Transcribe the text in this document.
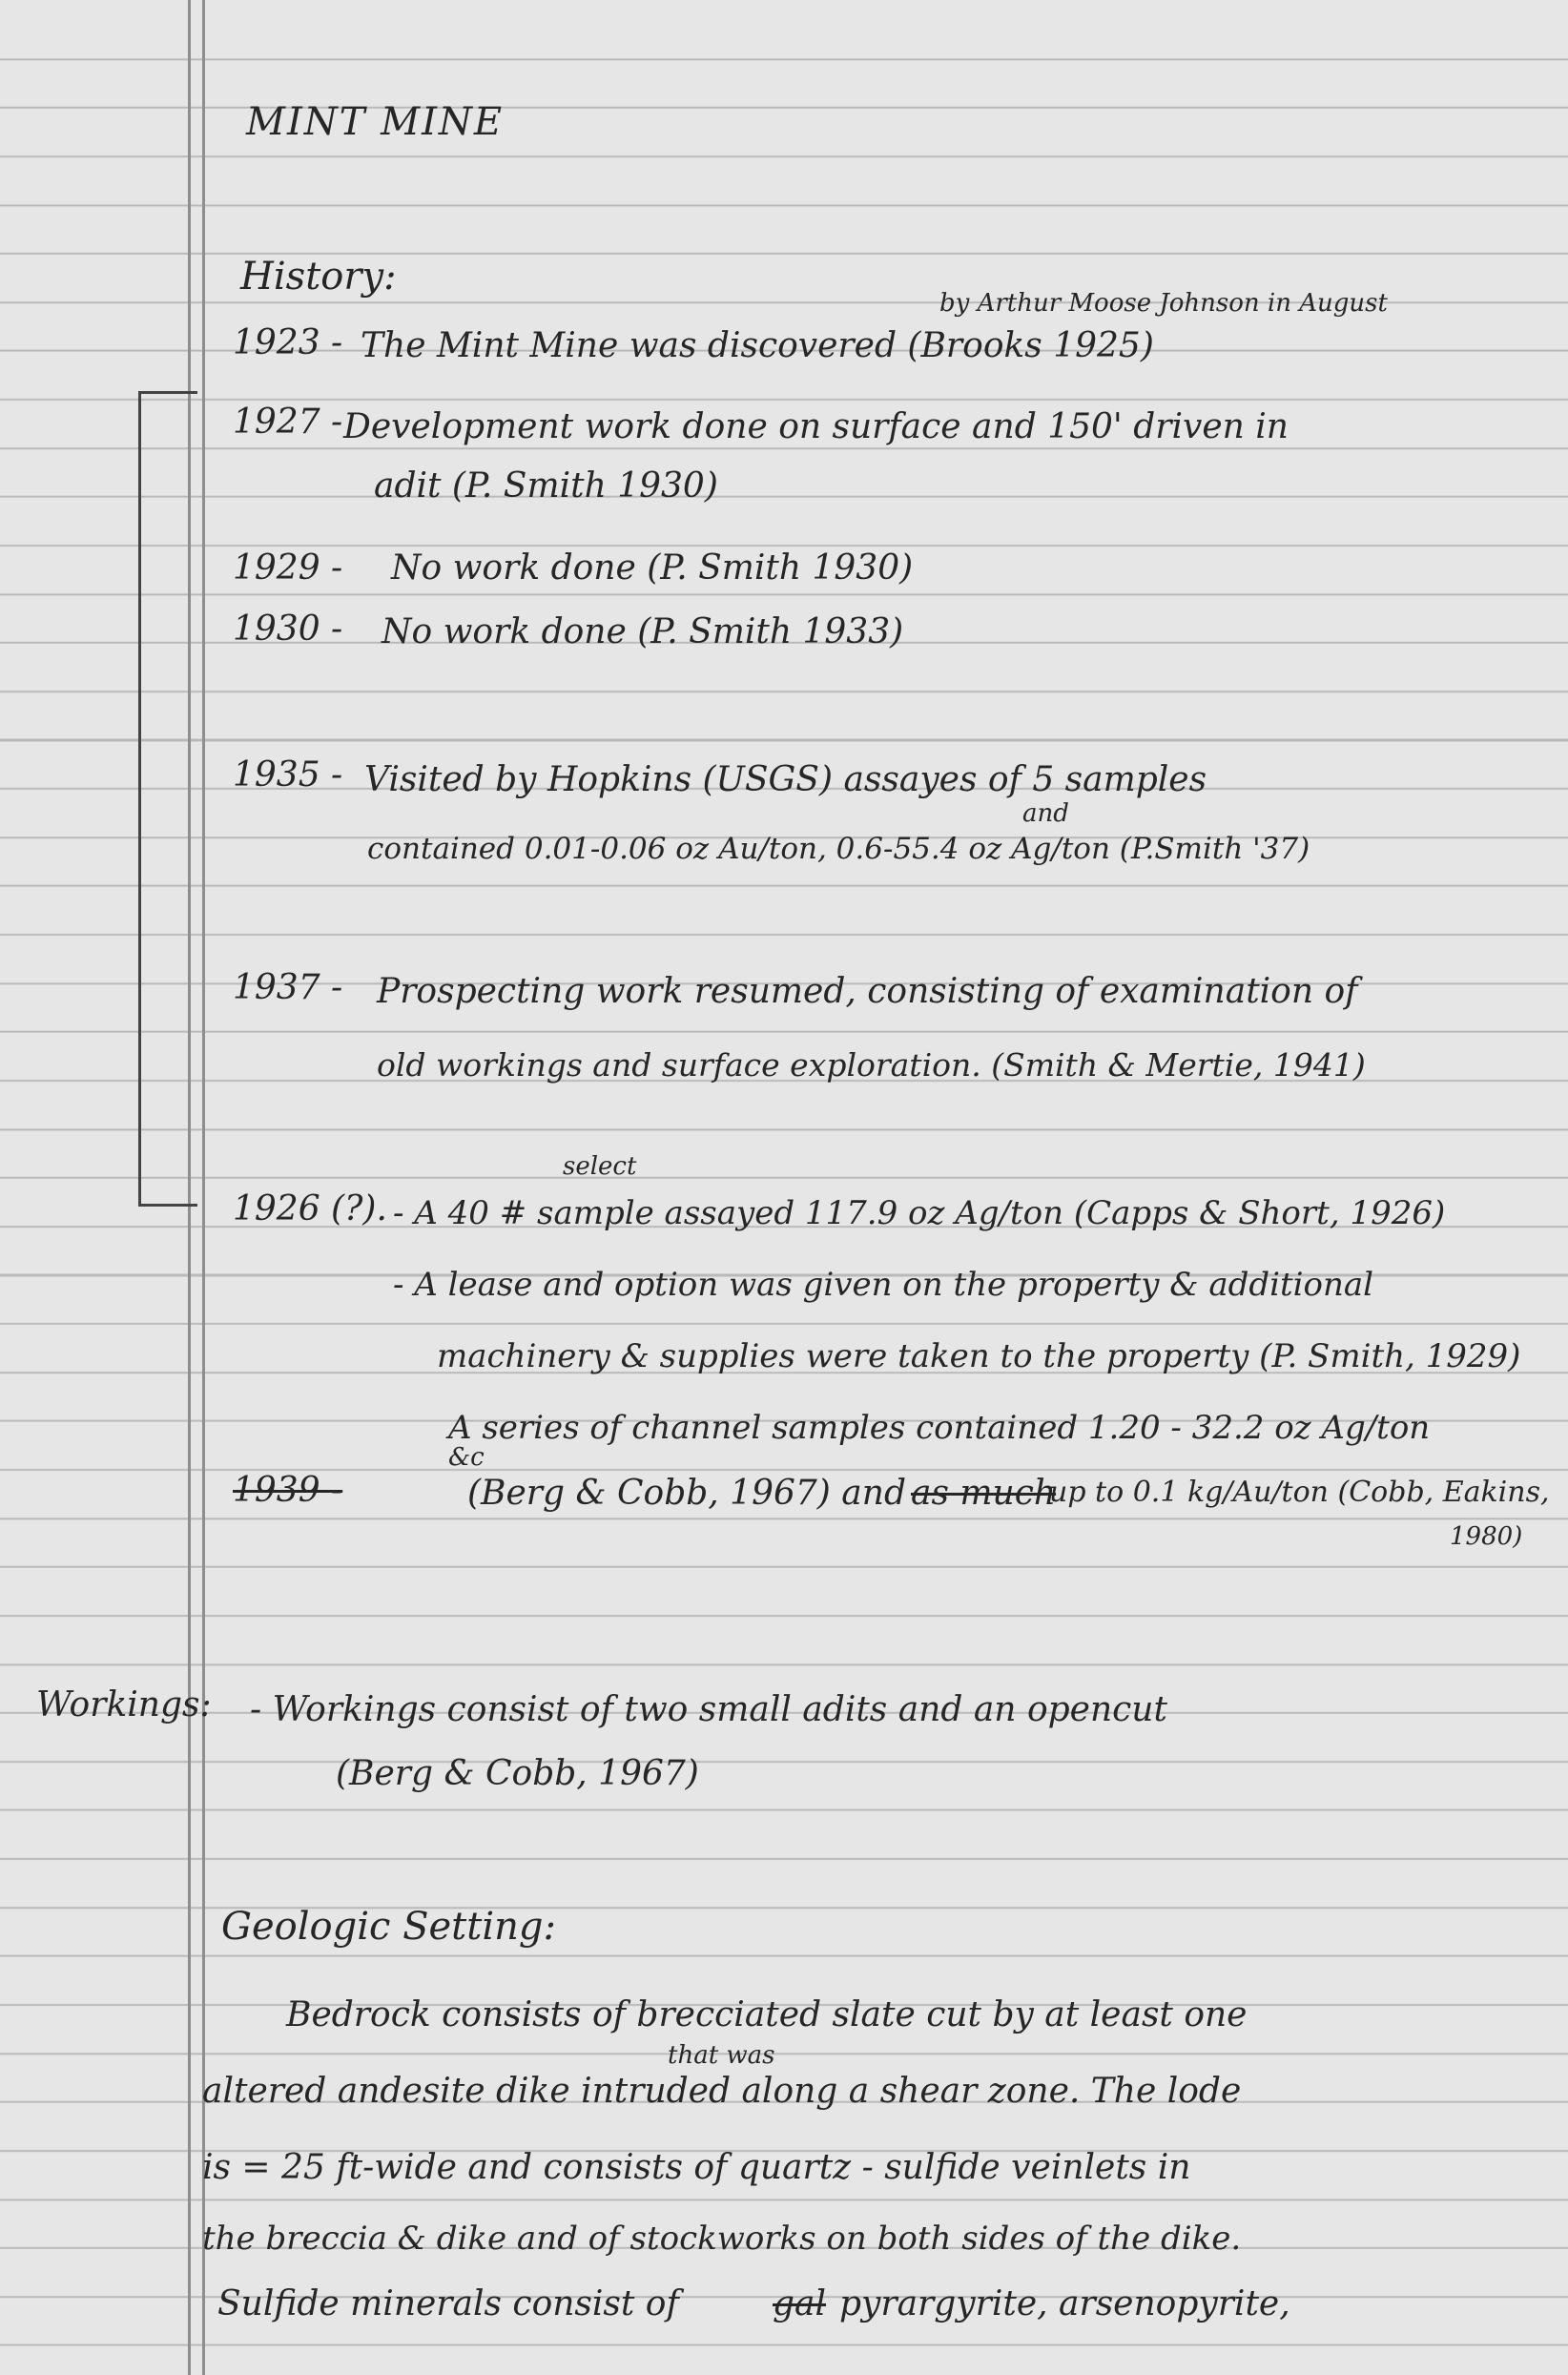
MINT MINE
History:
1923 - The Mint Mine was discovered (Brooks 1925)
by Arthur Moose Johnson in August
1927 - Development work done on surface and 150' driven in
adit (P. Smith 1930)
1929 - No work done (P. Smith 1930)
1930 - No work done (P. Smith 1933)
1935 - Visited by Hopkins (USGS) assayes of 5 samples
and
contained 0.01-0.06 oz Au/ton, 0.6-55.4 oz Ag/ton (P.Smith '37)
1937 - Prospecting work resumed, consisting of examination of
old workings and surface exploration. (Smith & Mertie, 1941)
1926 (?).
select
- A 40 # sample assayed 117.9 oz Ag/ton (Capps & Short, 1926)
- A lease and option was given on the property & additional
machinery & supplies were taken to the property (P. Smith, 1929)
A series of channel samples contained 1.20 - 32.2 oz Ag/ton
1939 -
&c
(Berg & Cobb, 1967) and as much
up to 0.1 kg/Au/ton (Cobb, Eakins,
1980)
Workings: - Workings consist of two small adits and an opencut
(Berg & Cobb, 1967)
Geologic Setting:
Bedrock consists of brecciated slate cut by at least one
that was
altered andesite dike intruded along a shear zone. The lode
is = 25 ft-wide and consists of quartz - sulfide veinlets in
the breccia & dike and of stockworks on both sides of the dike.
Sulfide minerals consist of	gal pyrargyrite, arsenopyrite,
